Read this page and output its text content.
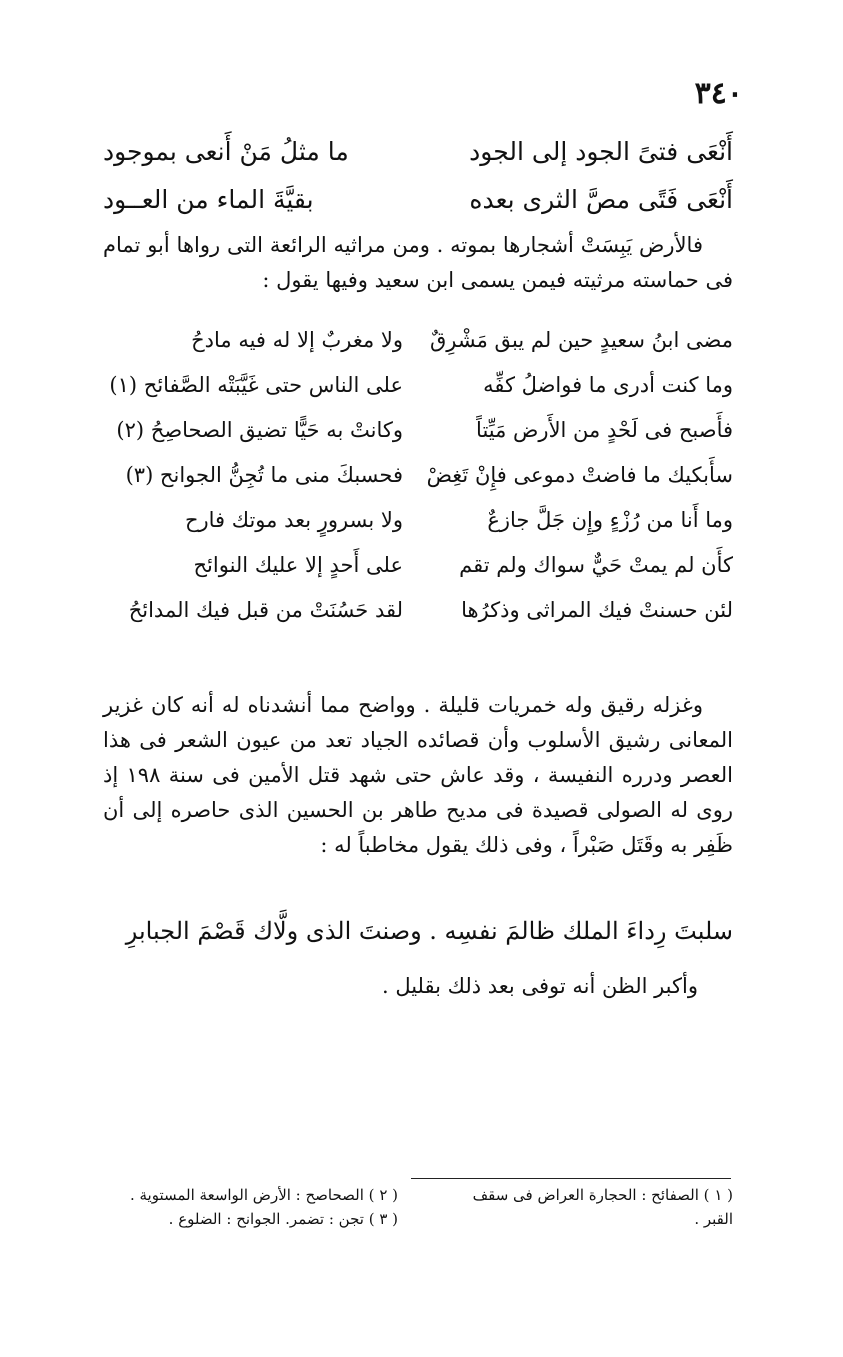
٣٤٠
أَنْعَى فتىً الجود إلى الجود
ما مثلُ مَنْ أَنعى بموجود
أَنْعَى فَتًى مصَّ الثرى بعده
بقيَّةَ الماء من العــود

فالأرض يَبِسَتْ أشجارها بموته . ومن مراثيه الرائعة التى رواها أبو تمام فى حماسته مرثيته فيمن يسمى ابن سعيد وفيها يقول :

مضى ابنُ سعيدٍ حين لم يبق مَشْرِقٌ
ولا مغربٌ إلا له فيه مادحُ
وما كنت أدرى ما فواضلُ كفِّه
على الناس حتى غَيَّبَتْه الصَّفائح (١)
فأَصبح فى لَحْدٍ من الأَرض مَيِّتاً
وكانتْ به حَيًّا تضيق الصحاصِحُ (٢)
سأَبكيك ما فاضتْ دموعى فإِنْ تَغِضْ
فحسبكَ منى ما تُجِنُّ الجوانح (٣)
وما أَنا من رُزْءٍ وإِن جَلَّ جازعٌ
ولا بسرورٍ بعد موتك فارح
كأَن لم يمتْ حَيٌّ سواك ولم تقم
على أَحدٍ إلا عليك النوائح
لئن حسنتْ فيك المراثى وذكرُها
لقد حَسُنَتْ من قبل فيك المدائحُ

وغزله رقيق وله خمريات قليلة . وواضح مما أنشدناه له أنه كان غزير المعانى رشيق الأسلوب وأن قصائده الجياد تعد من عيون الشعر فى هذا العصر ودرره النفيسة ، وقد عاش حتى شهد قتل الأمين فى سنة ١٩٨ إذ روى له الصولى قصيدة فى مديح طاهر بن الحسين الذى حاصره إلى أن ظَفِر به وقَتَل صَبْراً ، وفى ذلك يقول مخاطباً له :

سلبتَ رِداءَ الملك ظالمَ نفسِه . وصنتَ الذى ولَّاك قَصْمَ الجبابرِ
وأكبر الظن أنه توفى بعد ذلك بقليل .

( ١ ) الصفائح : الحجارة العراض فى سقف

القبر .

( ٢ ) الصحاصح : الأرض الواسعة المستوية .

( ٣ ) تجن : تضمر. الجوانح : الضلوع .
